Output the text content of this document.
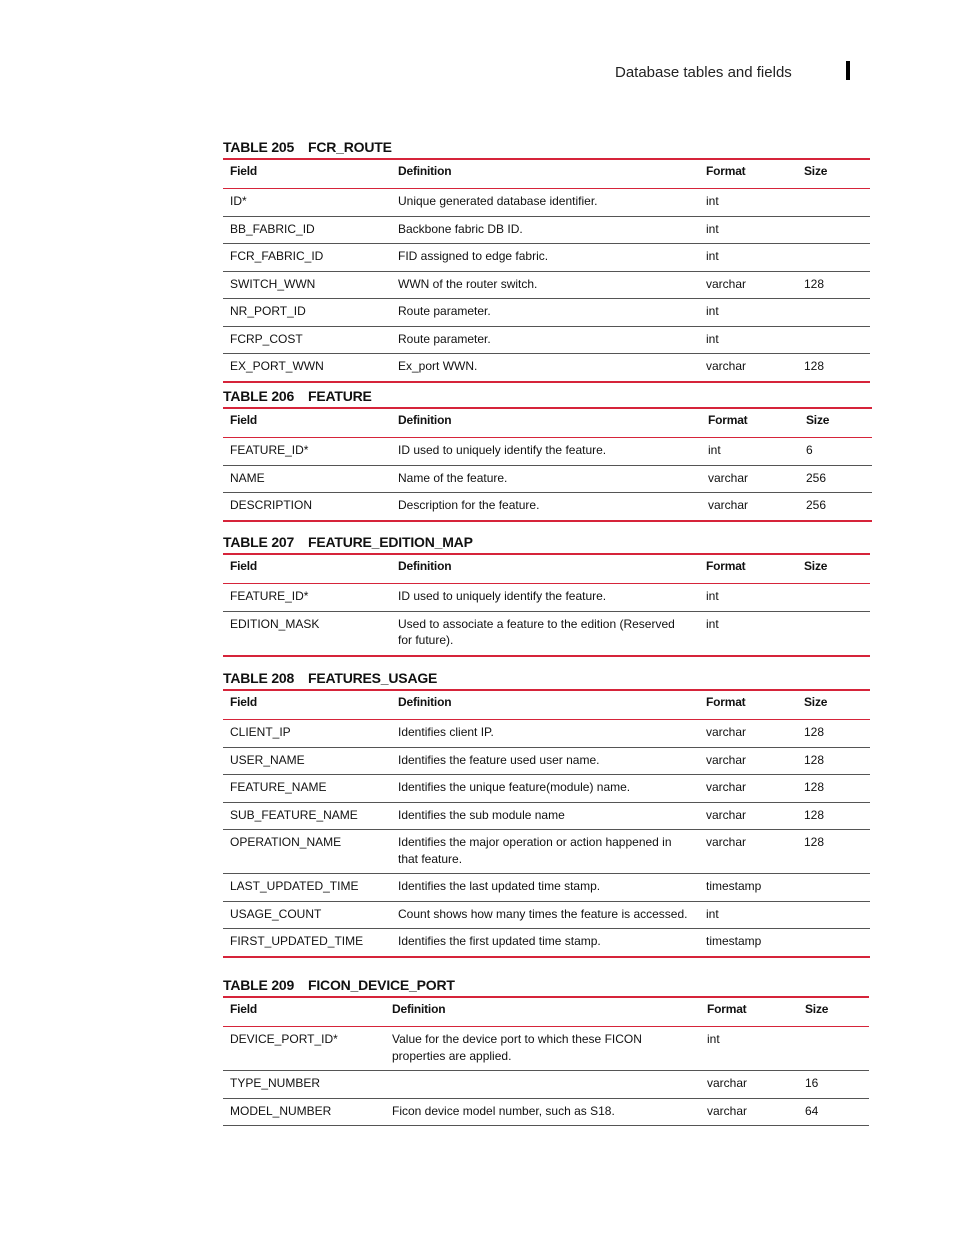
Database tables and fields
TABLE 205 FCR_ROUTE
Field	Definition	Format	Size
ID*	Unique generated database identifier.	int	
BB_FABRIC_ID	Backbone fabric DB ID.	int	
FCR_FABRIC_ID	FID assigned to edge fabric.	int	
SWITCH_WWN	WWN of the router switch.	varchar	128
NR_PORT_ID	Route parameter.	int	
FCRP_COST	Route parameter.	int	
EX_PORT_WWN	Ex_port WWN.	varchar	128
TABLE 206 FEATURE
Field	Definition	Format	Size
FEATURE_ID*	ID used to uniquely identify the feature.	int	6
NAME	Name of the feature.	varchar	256
DESCRIPTION	Description for the feature.	varchar	256
TABLE 207 FEATURE_EDITION_MAP
Field	Definition	Format	Size
FEATURE_ID*	ID used to uniquely identify the feature.	int	
EDITION_MASK	Used to associate a feature to the edition (Reserved for future).	int	
TABLE 208 FEATURES_USAGE
Field	Definition	Format	Size
CLIENT_IP	Identifies client IP.	varchar	128
USER_NAME	Identifies the feature used user name.	varchar	128
FEATURE_NAME	Identifies the unique feature(module) name.	varchar	128
SUB_FEATURE_NAME	Identifies the sub module name	varchar	128
OPERATION_NAME	Identifies the major operation or action happened in that feature.	varchar	128
LAST_UPDATED_TIME	Identifies the last updated time stamp.	timestamp	
USAGE_COUNT	Count shows how many times the feature is accessed.	int	
FIRST_UPDATED_TIME	Identifies the first updated time stamp.	timestamp	
TABLE 209 FICON_DEVICE_PORT
Field	Definition	Format	Size
DEVICE_PORT_ID*	Value for the device port to which these FICON properties are applied.	int	
TYPE_NUMBER		varchar	16
MODEL_NUMBER	Ficon device model number, such as S18.	varchar	64
